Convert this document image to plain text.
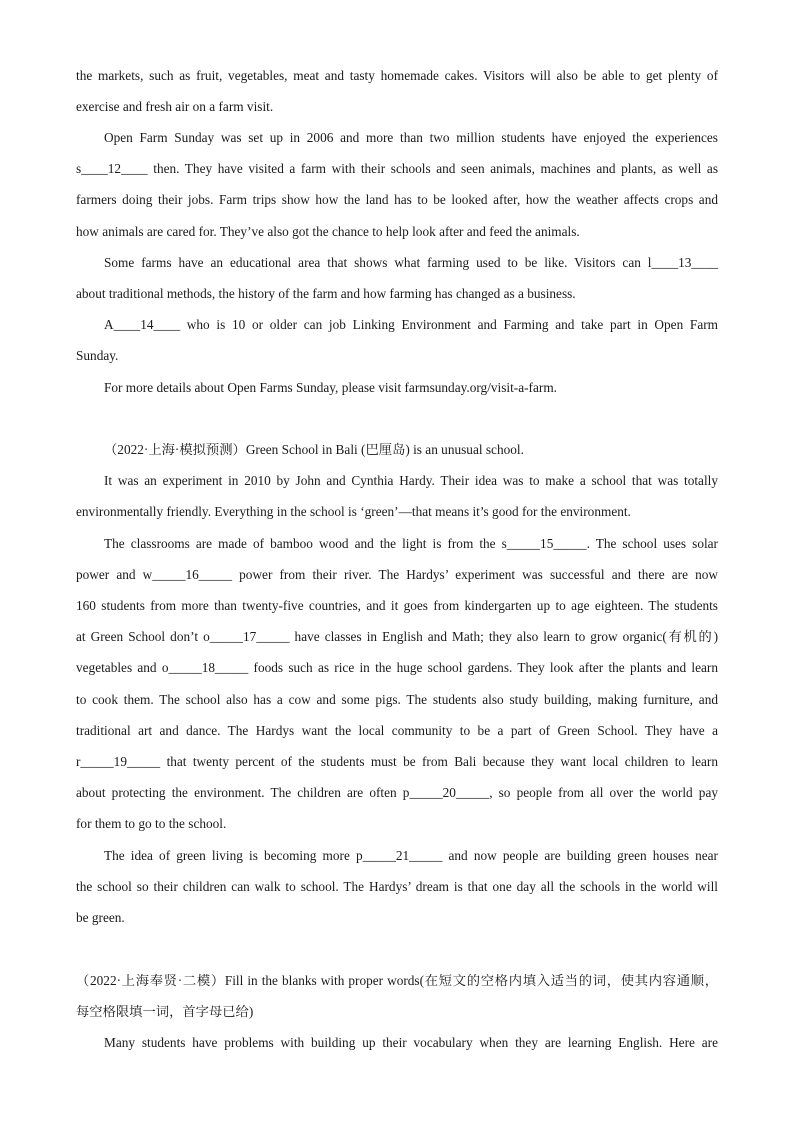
the markets, such as fruit, vegetables, meat and tasty homemade cakes. Visitors will also be able to get plenty of

exercise and fresh air on a farm visit.

Open Farm Sunday was set up in 2006 and more than two million students have enjoyed the experiences

s____12____ then. They have visited a farm with their schools and seen animals, machines and plants, as well as

farmers doing their jobs. Farm trips show how the land has to be looked after, how the weather affects crops and

how animals are cared for. They’ve also got the chance to help look after and feed the animals.

Some farms have an educational area that shows what farming used to be like. Visitors can l____13____

about traditional methods, the history of the farm and how farming has changed as a business.

A____14____ who is 10 or older can job Linking Environment and Farming and take part in Open Farm

Sunday.

For more details about Open Farms Sunday, please visit farmsunday.org/visit-a-farm.

（2022·上海·模拟预测）Green School in Bali (巴厘岛) is an unusual school.

It was an experiment in 2010 by John and Cynthia Hardy. Their idea was to make a school that was totally

environmentally friendly. Everything in the school is ‘green’—that means it’s good for the environment.

The classrooms are made of bamboo wood and the light is from the s_____15_____. The school uses solar

power and w_____16_____ power from their river. The Hardys’ experiment was successful and there are now

160 students from more than twenty-five countries, and it goes from kindergarten up to age eighteen. The students

at Green School don’t o_____17_____ have classes in English and Math; they also learn to grow organic(有机的)

vegetables and o_____18_____ foods such as rice in the huge school gardens. They look after the plants and learn

to cook them. The school also has a cow and some pigs. The students also study building, making furniture, and

traditional art and dance. The Hardys want the local community to be a part of Green School. They have a

r_____19_____ that twenty percent of the students must be from Bali because they want local children to learn

about protecting the environment. The children are often p_____20_____, so people from all over the world pay

for them to go to the school.

The idea of green living is becoming more p_____21_____ and now people are building green houses near

the school so their children can walk to school. The Hardys’ dream is that one day all the schools in the world will

be green.

（2022·上海奉贤·二模）Fill in the blanks with proper words(在短文的空格内填入适当的词，使其内容通顺，

每空格限填一词，首字母已给)

Many students have problems with building up their vocabulary when they are learning English. Here are
